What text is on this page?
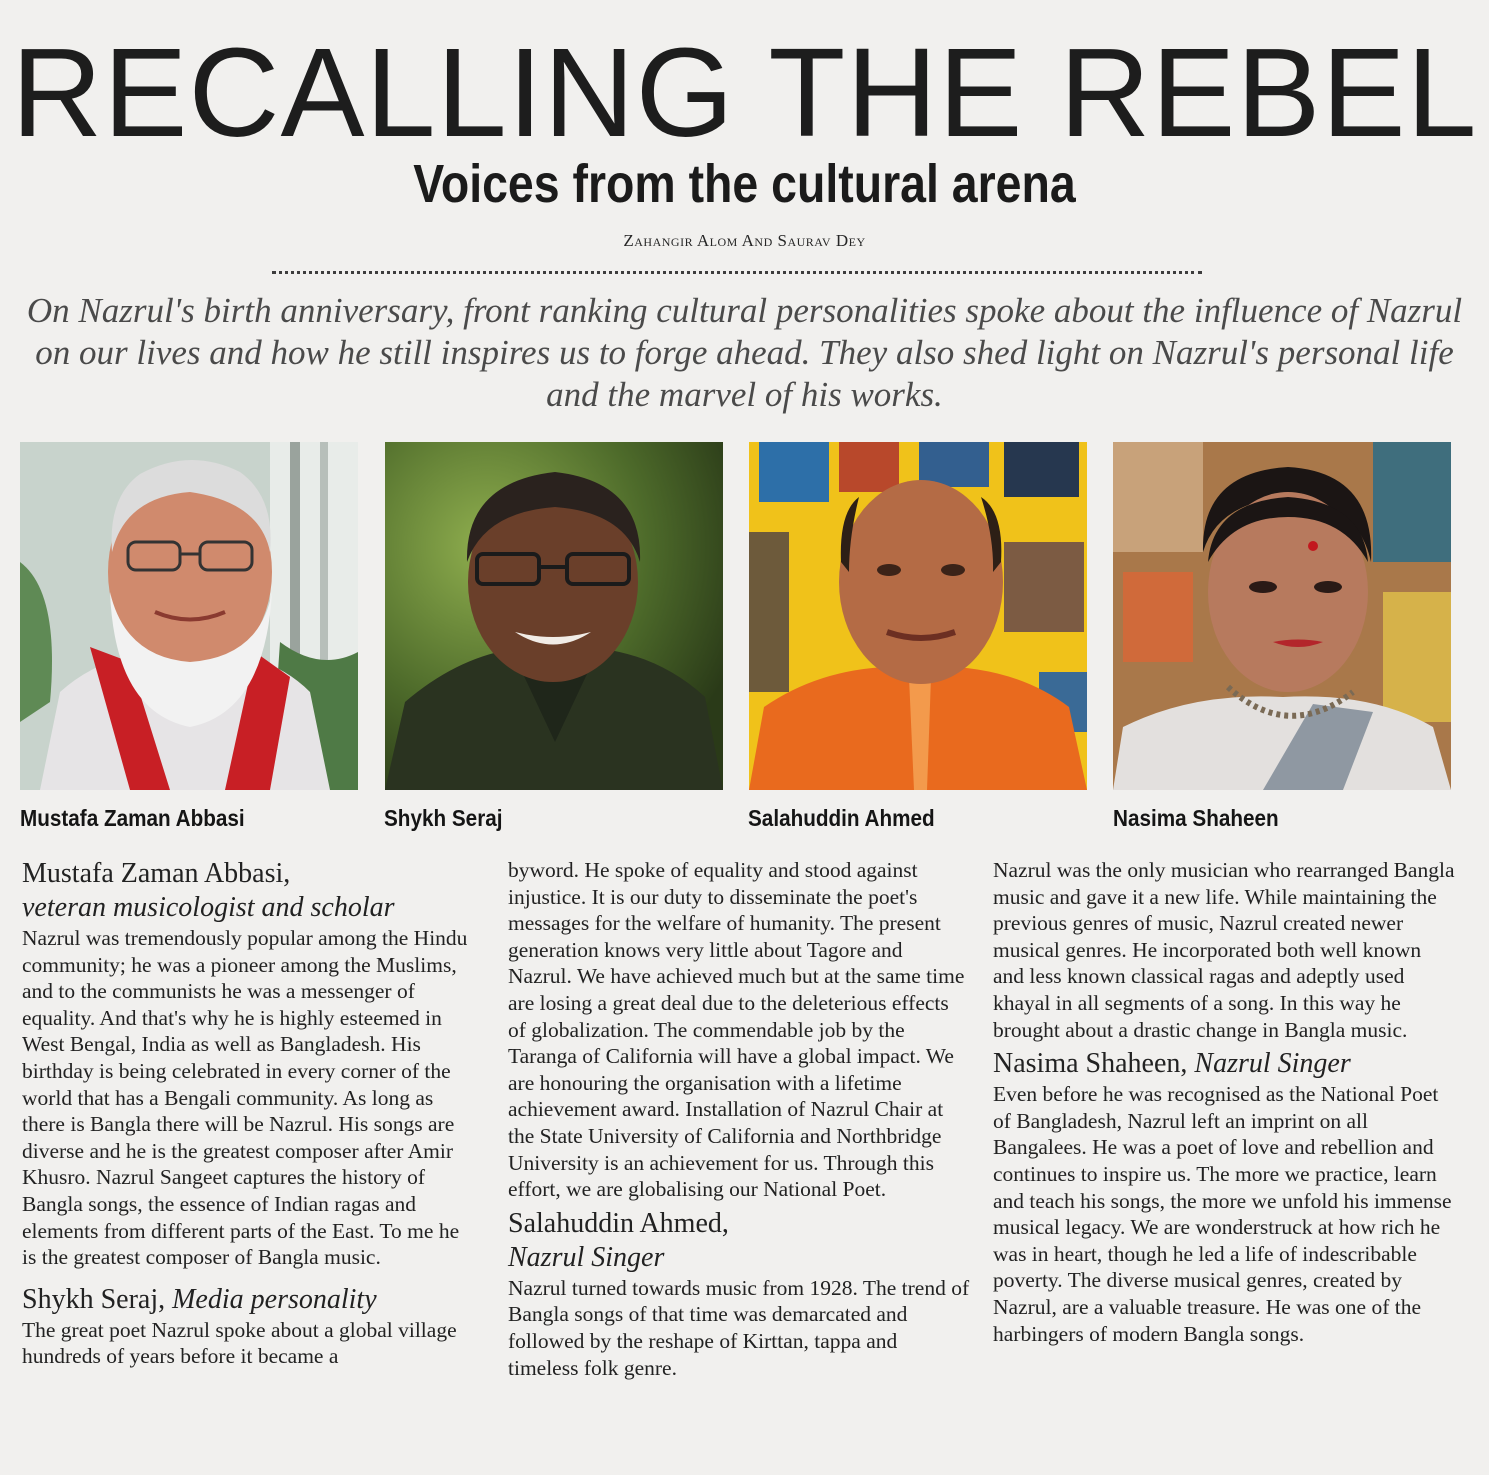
RECALLING THE REBEL
Voices from the cultural arena
Zahangir Alom And Saurav Dey

On Nazrul's birth anniversary, front ranking cultural personalities spoke about the influence of Nazrul on our lives and how he still inspires us to forge ahead. They also shed light on Nazrul's personal life and the marvel of his works.

Mustafa Zaman Abbasi	Shykh Seraj	Salahuddin Ahmed	Nasima Shaheen
Mustafa Zaman Abbasi,
veteran musicologist and scholar

Nazrul was tremendously popular among the Hindu community; he was a pioneer among the Muslims, and to the communists he was a messenger of equality. And that's why he is highly esteemed in West Bengal, India as well as Bangladesh. His birthday is being celebrated in every corner of the world that has a Bengali community. As long as there is Bangla there will be Nazrul. His songs are diverse and he is the greatest composer after Amir Khusro. Nazrul Sangeet captures the history of Bangla songs, the essence of Indian ragas and elements from different parts of the East. To me he is the greatest composer of Bangla music.

Shykh Seraj, Media personality

The great poet Nazrul spoke about a global village hundreds of years before it became a

byword. He spoke of equality and stood against injustice. It is our duty to disseminate the poet's messages for the welfare of humanity. The present generation knows very little about Tagore and Nazrul. We have achieved much but at the same time are losing a great deal due to the deleterious effects of globalization. The commendable job by the Taranga of California will have a global impact. We are honouring the organisation with a lifetime achievement award. Installation of Nazrul Chair at the State University of California and Northbridge University is an achievement for us. Through this effort, we are globalising our National Poet.

Salahuddin Ahmed,
Nazrul Singer

Nazrul turned towards music from 1928. The trend of Bangla songs of that time was demarcated and followed by the reshape of Kirttan, tappa and timeless folk genre.

Nazrul was the only musician who rearranged Bangla music and gave it a new life. While maintaining the previous genres of music, Nazrul created newer musical genres. He incorporated both well known and less known classical ragas and adeptly used khayal in all segments of a song. In this way he brought about a drastic change in Bangla music.

Nasima Shaheen, Nazrul Singer

Even before he was recognised as the National Poet of Bangladesh, Nazrul left an imprint on all Bangalees. He was a poet of love and rebellion and continues to inspire us. The more we practice, learn and teach his songs, the more we unfold his immense musical legacy. We are wonderstruck at how rich he was in heart, though he led a life of indescribable poverty. The diverse musical genres, created by Nazrul, are a valuable treasure. He was one of the harbingers of modern Bangla songs.
